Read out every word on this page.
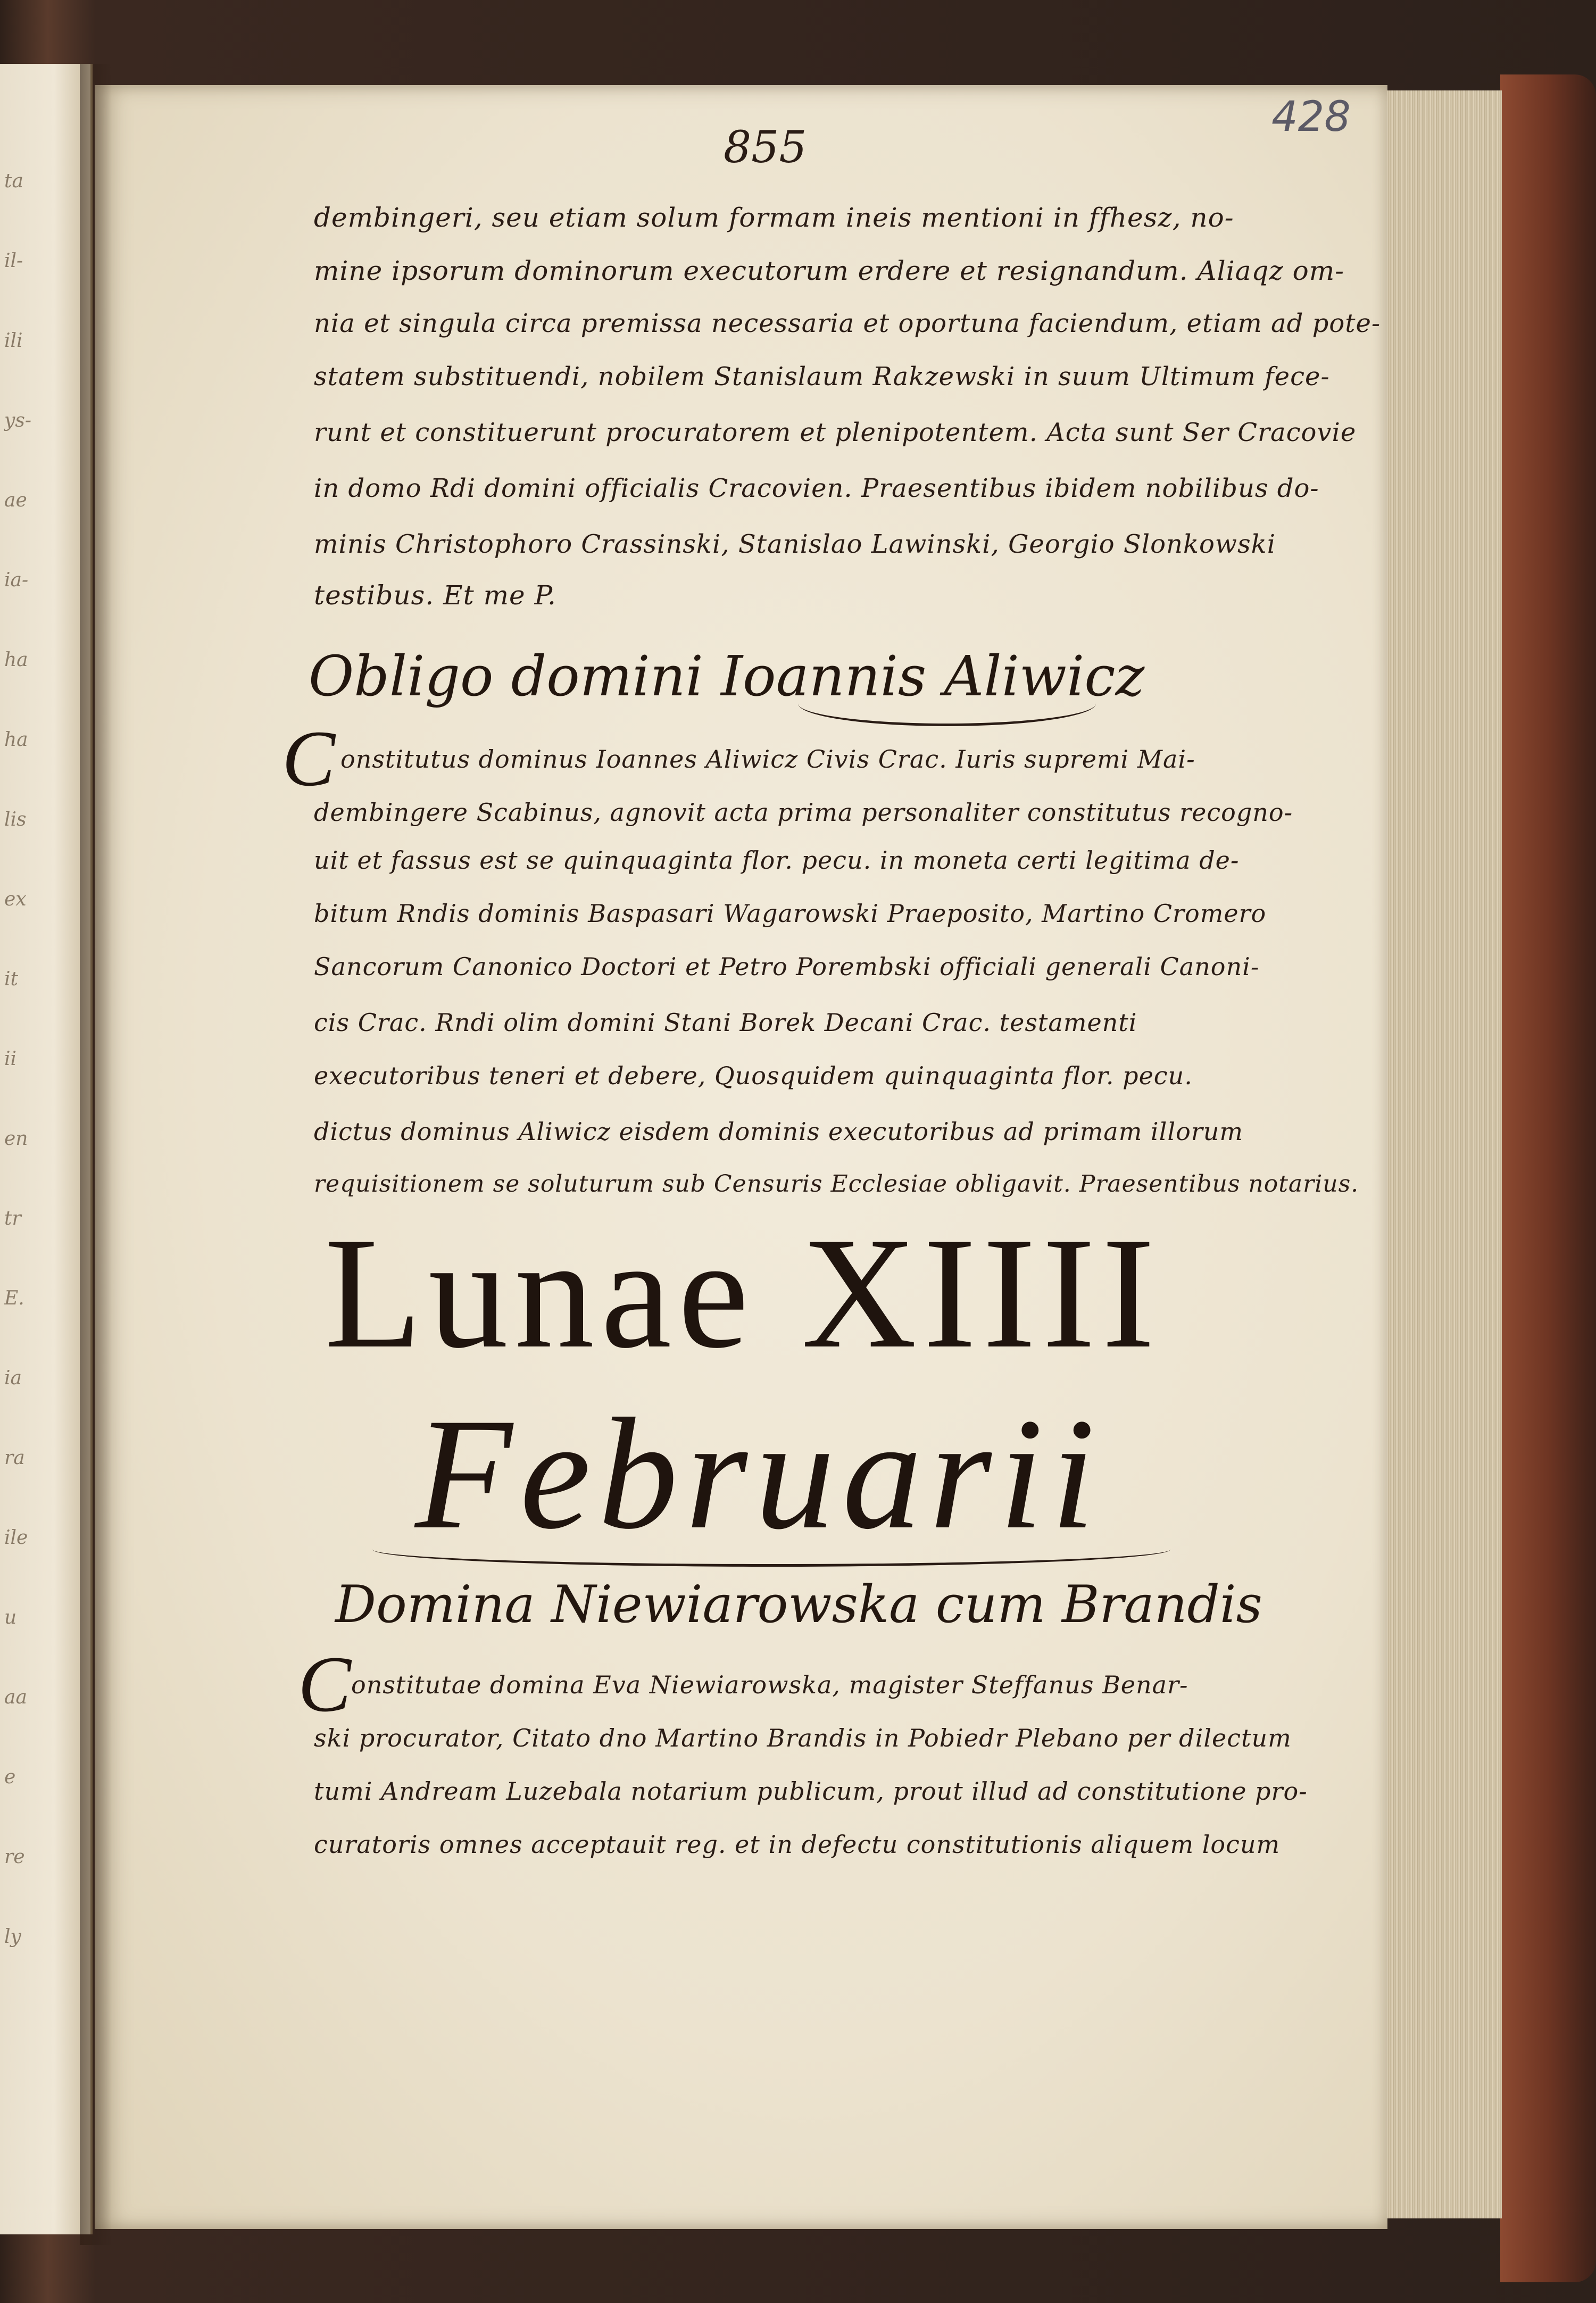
ta
il-
ili
ys-
ae
ia-
ha
ha
lis
ex
it
ii
en
tr
E.
ia
ra
ile
u
aa
e
re
ly
855
428
dembingeri, seu etiam solum formam ineis mentioni in ffhesz, no-
mine ipsorum dominorum executorum erdere et resignandum. Aliaqz om-
nia et singula circa premissa necessaria et oportuna faciendum, etiam ad pote-
statem substituendi, nobilem Stanislaum Rakzewski in suum Ultimum fece-
runt et constituerunt procuratorem et plenipotentem. Acta sunt Ser Cracovie
in domo Rdi domini officialis Cracovien. Praesentibus ibidem nobilibus do-
minis Christophoro Crassinski, Stanislao Lawinski, Georgio Slonkowski
testibus. Et me P.
Obligo domini Ioannis Aliwicz
C onstitutus dominus Ioannes Aliwicz Civis Crac. Iuris supremi Mai-
dembingere Scabinus, agnovit acta prima personaliter constitutus recogno-
uit et fassus est se quinquaginta flor. pecu. in moneta certi legitima de-
bitum Rndis dominis Baspasari Wagarowski Praeposito, Martino Cromero
Sancorum Canonico Doctori et Petro Porembski officiali generali Canoni-
cis Crac. Rndi olim domini Stani Borek Decani Crac. testamenti
executoribus teneri et debere, Quosquidem quinquaginta flor. pecu.
dictus dominus Aliwicz eisdem dominis executoribus ad primam illorum
requisitionem se soluturum sub Censuris Ecclesiae obligavit. Praesentibus notarius.
Lunae XIIII
Februarii
Domina Niewiarowska cum Brandis
C onstitutae domina Eva Niewiarowska, magister Steffanus Benar-
ski procurator, Citato dno Martino Brandis in Pobiedr Plebano per dilectum
tumi Andream Luzebala notarium publicum, prout illud ad constitutione pro-
curatoris omnes acceptauit reg. et in defectu constitutionis aliquem locum
